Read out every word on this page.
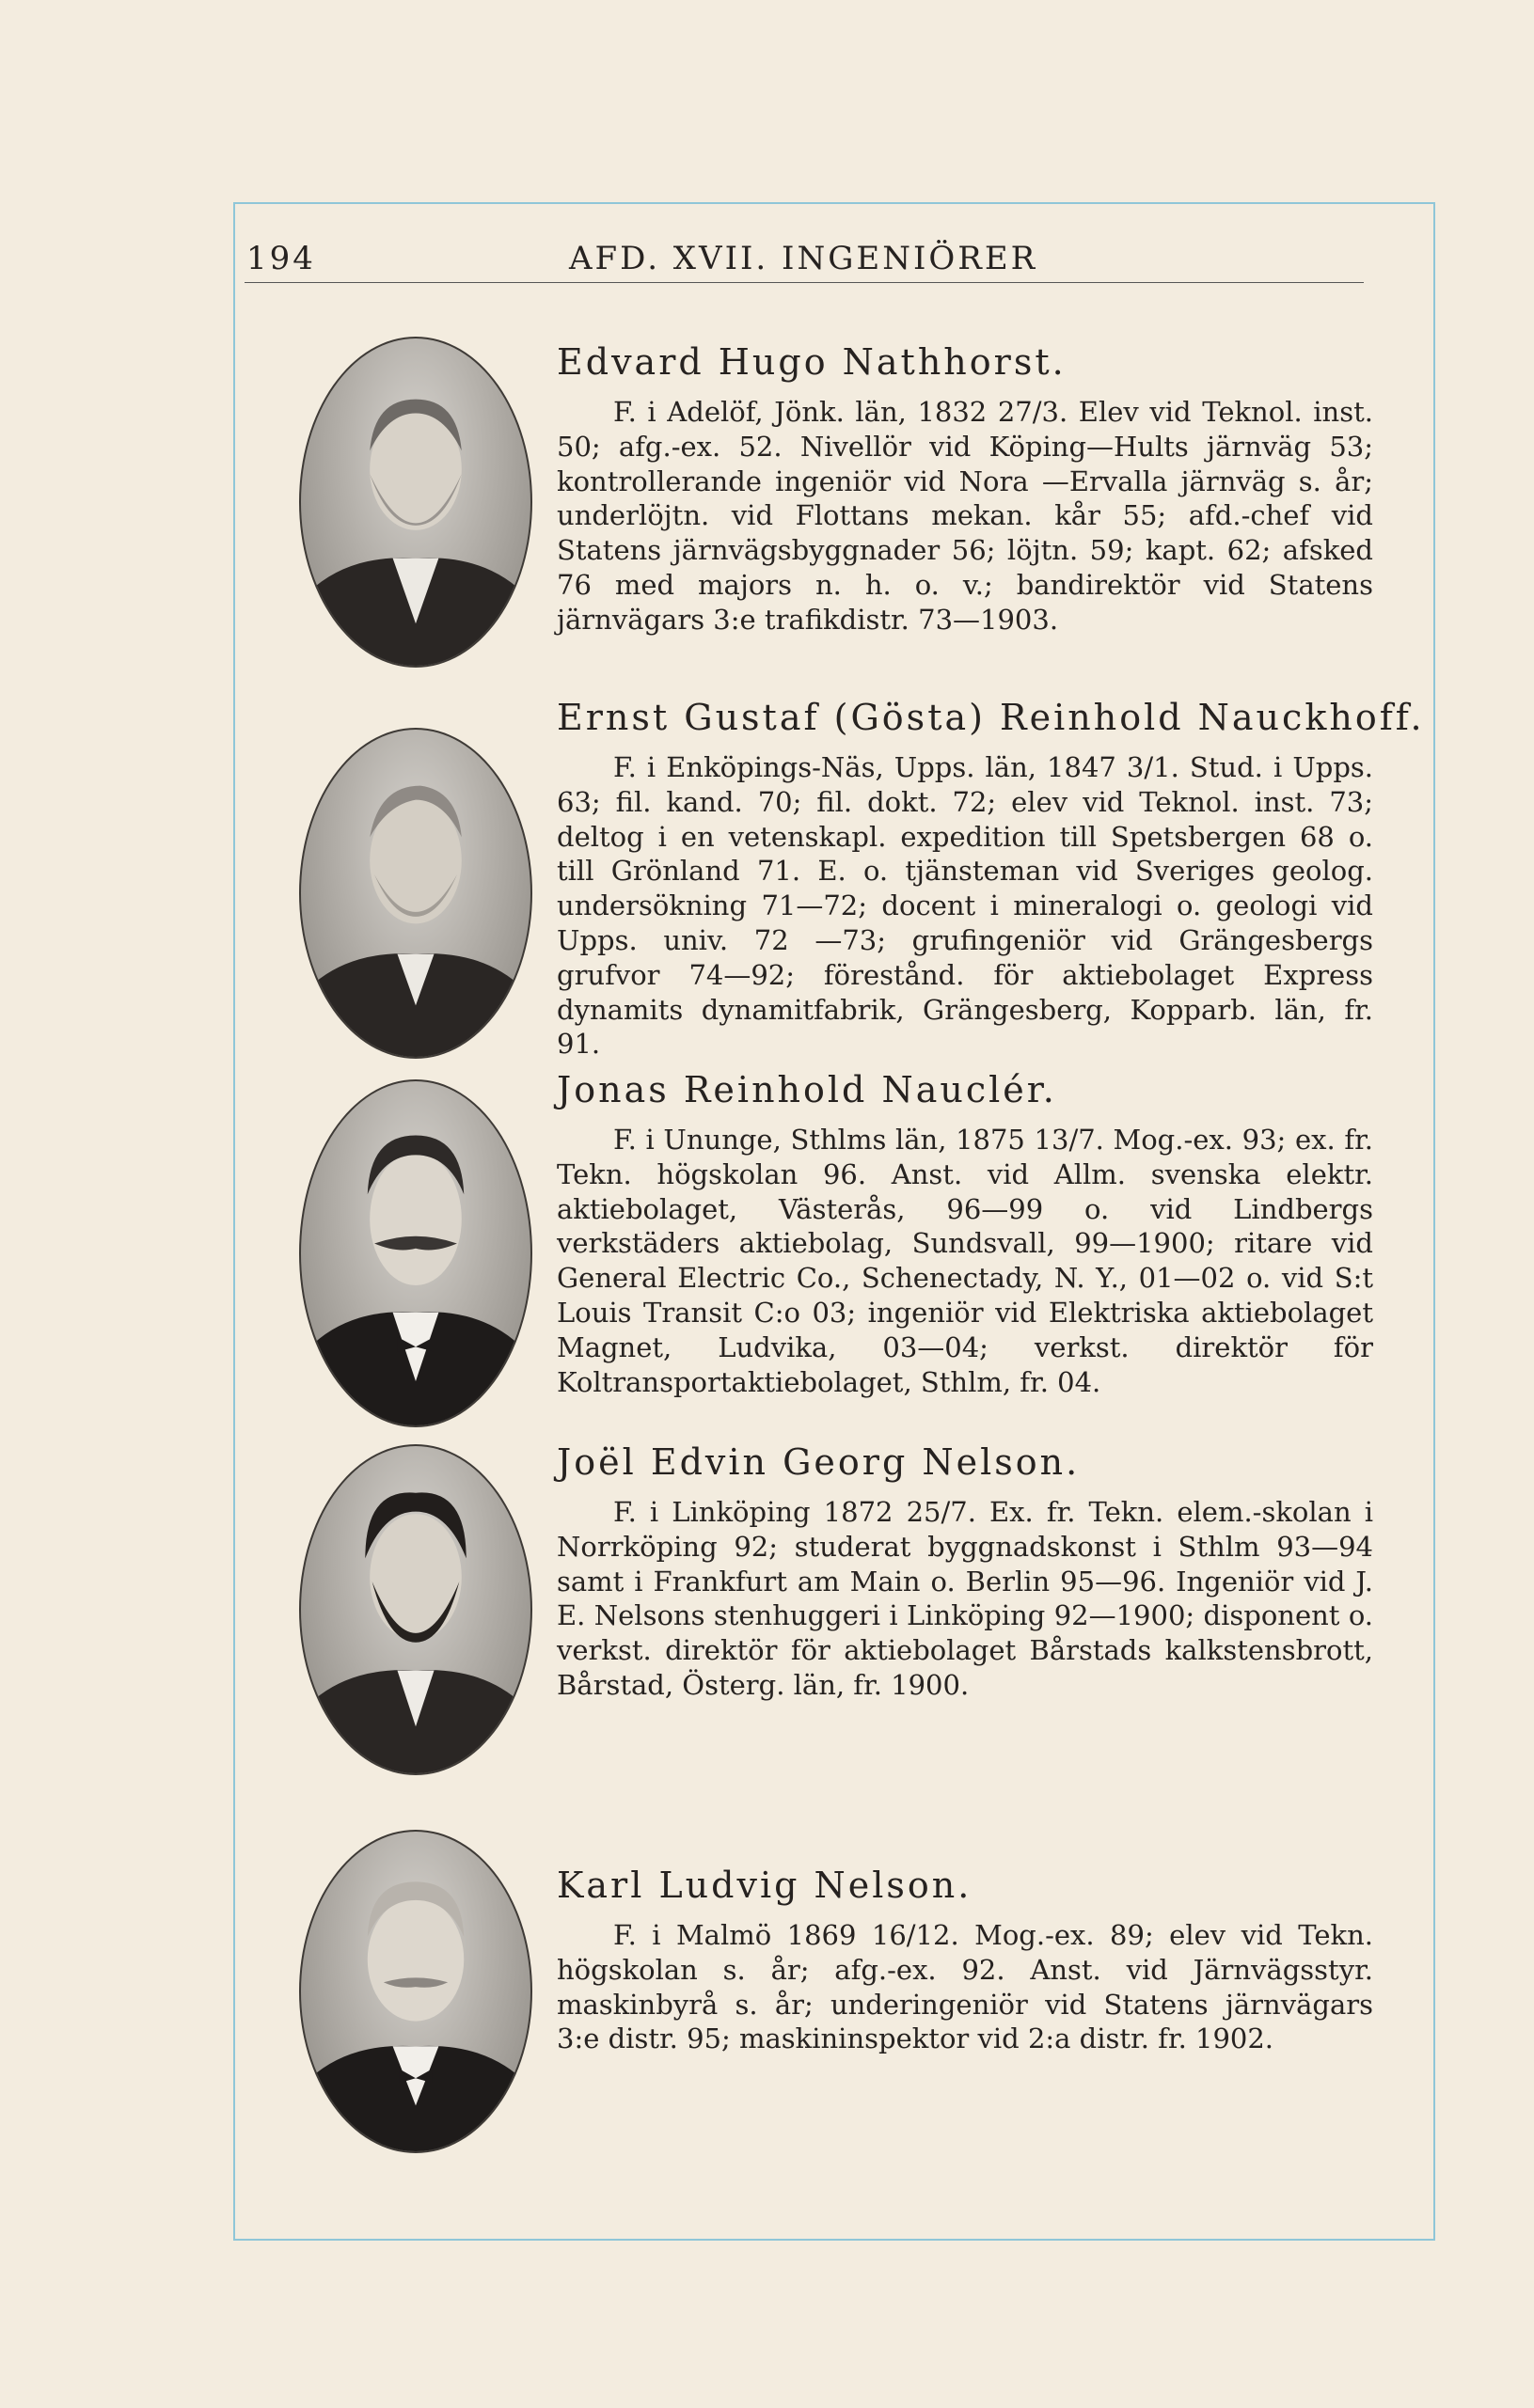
194	AFD. XVII. INGENIÖRER
Edvard Hugo Nathhorst.

F. i Adelöf, Jönk. län, 1832 27/3. Elev vid Teknol. inst. 50; afg.-ex. 52. Nivellör vid Köping—Hults järnväg 53; kontrollerande ingeniör vid Nora —Ervalla järnväg s. år; underlöjtn. vid Flottans mekan. kår 55; afd.-chef vid Statens järnvägsbyggnader 56; löjtn. 59; kapt. 62; afsked 76 med majors n. h. o. v.; bandirektör vid Statens järnvägars 3:e trafikdistr. 73—1903.

Ernst Gustaf (Gösta) Reinhold Nauckhoff.

F. i Enköpings-Näs, Upps. län, 1847 3/1. Stud. i Upps. 63; fil. kand. 70; fil. dokt. 72; elev vid Teknol. inst. 73; deltog i en vetenskapl. expedition till Spetsbergen 68 o. till Grönland 71. E. o. tjänsteman vid Sveriges geolog. undersökning 71—72; docent i mineralogi o. geologi vid Upps. univ. 72 —73; grufingeniör vid Grängesbergs grufvor 74—92; förestånd. för aktiebolaget Express dynamits dynamitfabrik, Grängesberg, Kopparb. län, fr. 91.

Jonas Reinhold Nauclér.

F. i Ununge, Sthlms län, 1875 13/7. Mog.-ex. 93; ex. fr. Tekn. högskolan 96. Anst. vid Allm. svenska elektr. aktiebolaget, Västerås, 96—99 o. vid Lindbergs verkstäders aktiebolag, Sundsvall, 99—1900; ritare vid General Electric Co., Schenectady, N. Y., 01—02 o. vid S:t Louis Transit C:o 03; ingeniör vid Elektriska aktiebolaget Magnet, Ludvika, 03—04; verkst. direktör för Koltransportaktiebolaget, Sthlm, fr. 04.

Joël Edvin Georg Nelson.

F. i Linköping 1872 25/7. Ex. fr. Tekn. elem.-skolan i Norrköping 92; studerat byggnadskonst i Sthlm 93—94 samt i Frankfurt am Main o. Berlin 95—96. Ingeniör vid J. E. Nelsons stenhuggeri i Linköping 92—1900; disponent o. verkst. direktör för aktiebolaget Bårstads kalkstensbrott, Bårstad, Österg. län, fr. 1900.

Karl Ludvig Nelson.

F. i Malmö 1869 16/12. Mog.-ex. 89; elev vid Tekn. högskolan s. år; afg.-ex. 92. Anst. vid Järnvägsstyr. maskinbyrå s. år; underingeniör vid Statens järnvägars 3:e distr. 95; maskininspektor vid 2:a distr. fr. 1902.
